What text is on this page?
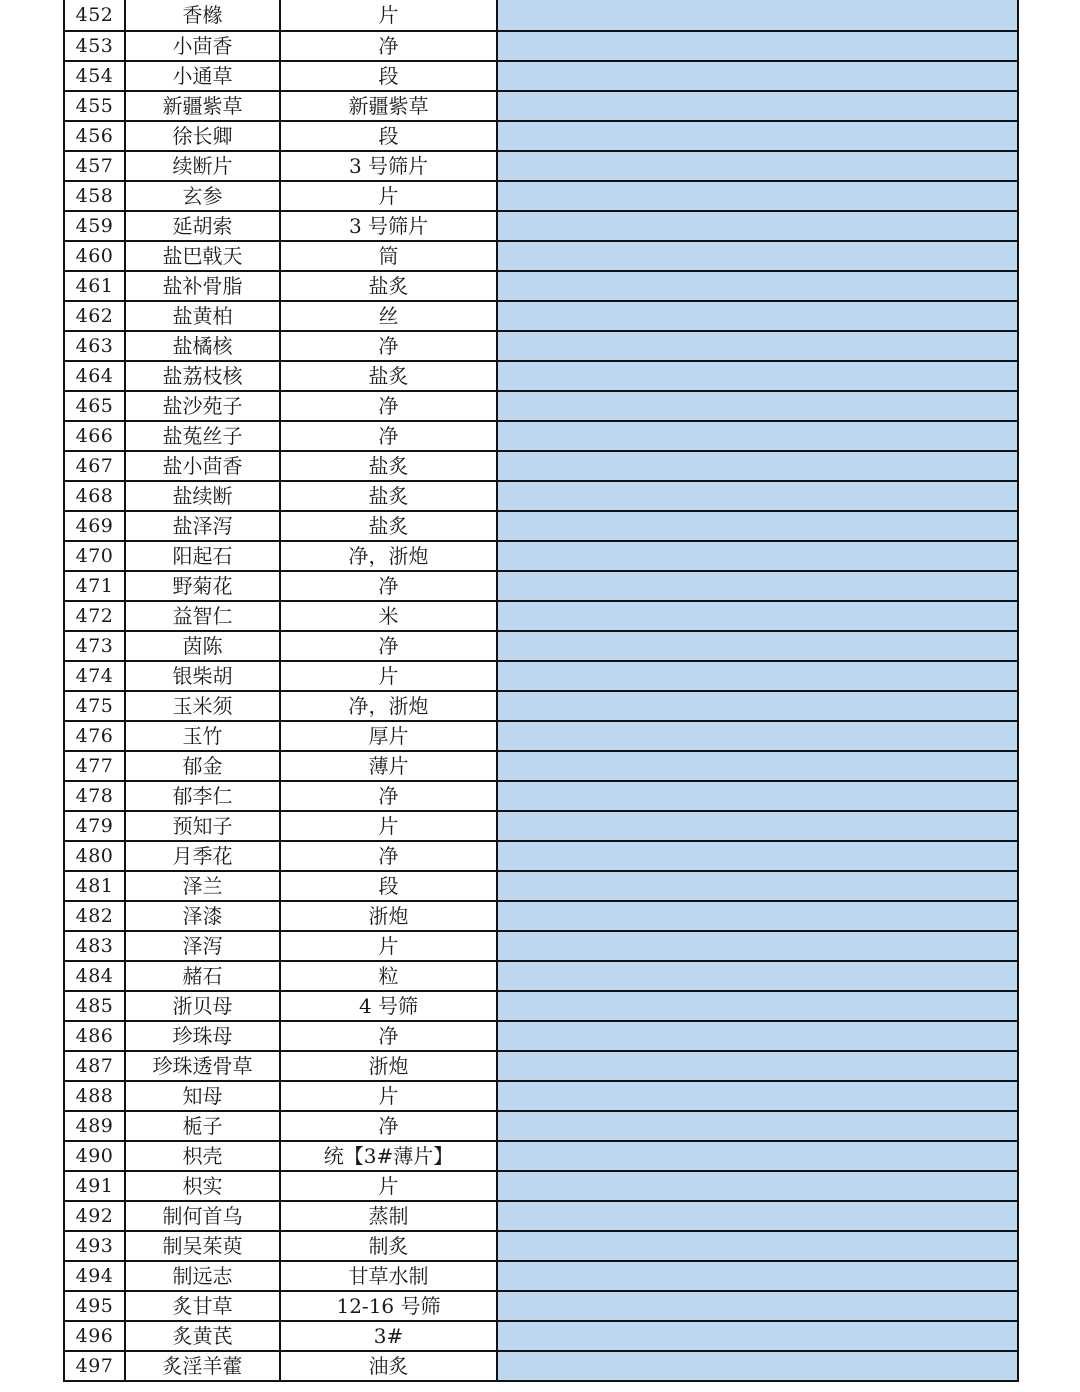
452	香橼	片	
453	小茴香	净	
454	小通草	段	
455	新疆紫草	新疆紫草	
456	徐长卿	段	
457	续断片	3 号筛片	
458	玄参	片	
459	延胡索	3 号筛片	
460	盐巴戟天	筒	
461	盐补骨脂	盐炙	
462	盐黄柏	丝	
463	盐橘核	净	
464	盐荔枝核	盐炙	
465	盐沙苑子	净	
466	盐菟丝子	净	
467	盐小茴香	盐炙	
468	盐续断	盐炙	
469	盐泽泻	盐炙	
470	阳起石	净，浙炮	
471	野菊花	净	
472	益智仁	米	
473	茵陈	净	
474	银柴胡	片	
475	玉米须	净，浙炮	
476	玉竹	厚片	
477	郁金	薄片	
478	郁李仁	净	
479	预知子	片	
480	月季花	净	
481	泽兰	段	
482	泽漆	浙炮	
483	泽泻	片	
484	赭石	粒	
485	浙贝母	4 号筛	
486	珍珠母	净	
487	珍珠透骨草	浙炮	
488	知母	片	
489	栀子	净	
490	枳壳	统【3#薄片】	
491	枳实	片	
492	制何首乌	蒸制	
493	制吴茱萸	制炙	
494	制远志	甘草水制	
495	炙甘草	12-16 号筛	
496	炙黄芪	3#	
497	炙淫羊藿	油炙	
